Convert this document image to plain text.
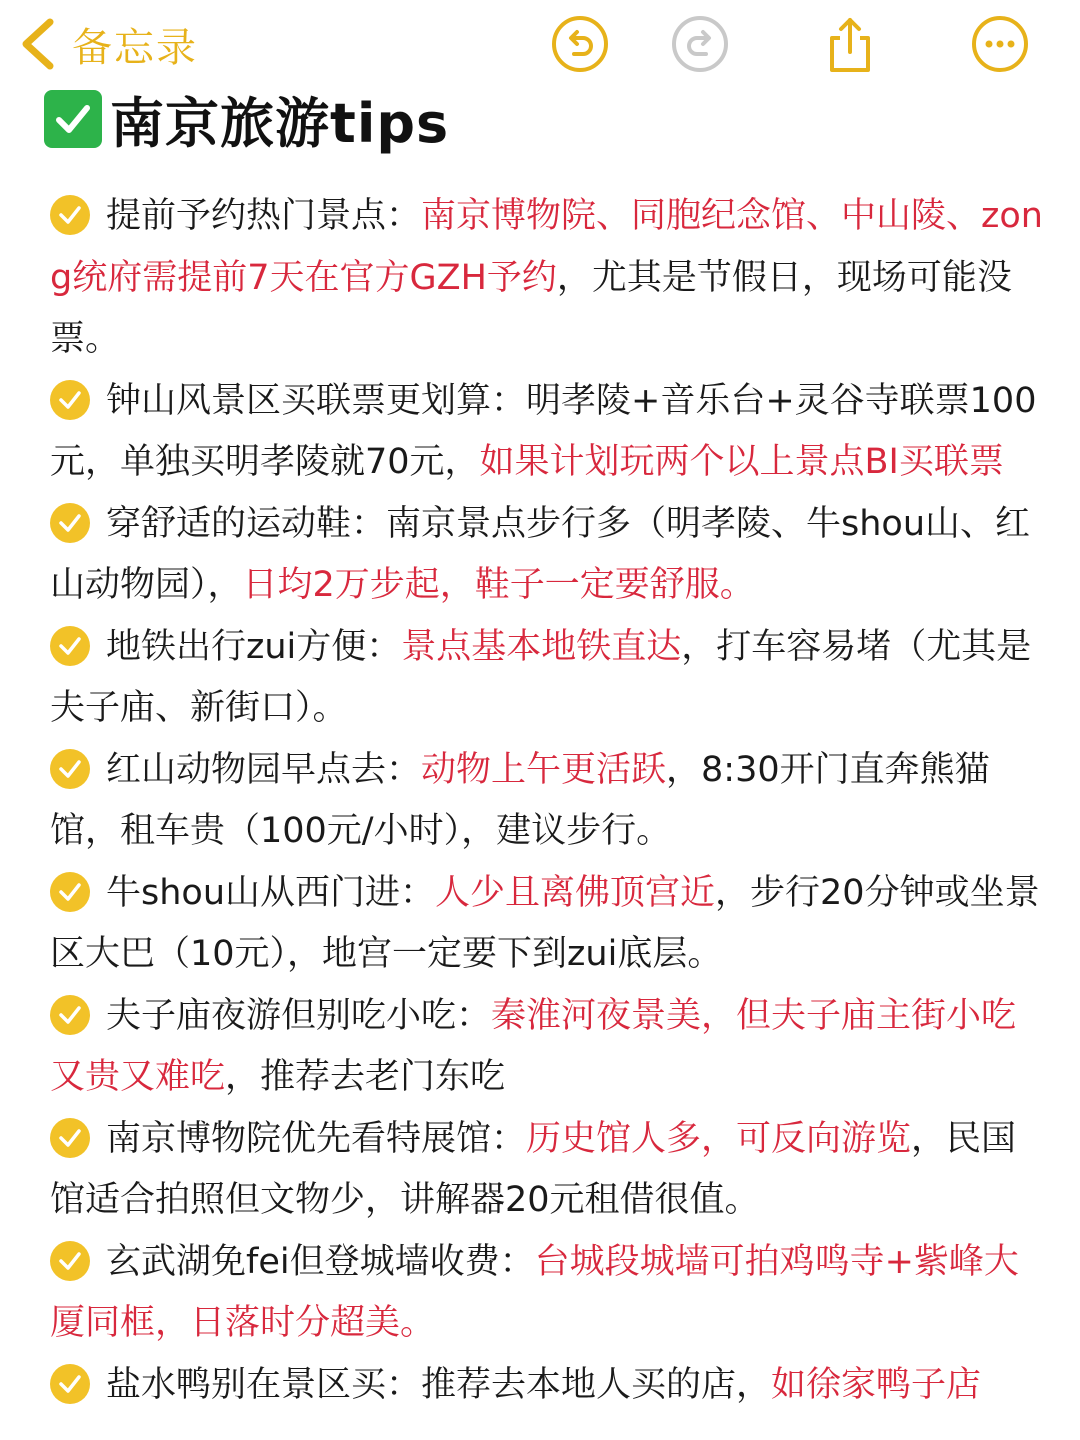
备忘录
南京旅游tips

提前予约热门景点：南京博物院、同胞纪念馆、中山陵、zong统府需提前7天在官方GZH予约，尤其是节假日，现场可能没票。

钟山风景区买联票更划算：明孝陵+音乐台+灵谷寺联票100元，单独买明孝陵就70元，如果计划玩两个以上景点BI买联票

穿舒适的运动鞋：南京景点步行多（明孝陵、牛shou山、红山动物园），日均2万步起，鞋子一定要舒服。

地铁出行zui方便：景点基本地铁直达，打车容易堵（尤其是夫子庙、新街口）。

红山动物园早点去：动物上午更活跃，8:30开门直奔熊猫馆，租车贵（100元/小时），建议步行。

牛shou山从西门进：人少且离佛顶宫近，步行20分钟或坐景区大巴（10元），地宫一定要下到zui底层。

夫子庙夜游但别吃小吃：秦淮河夜景美，但夫子庙主街小吃又贵又难吃，推荐去老门东吃

南京博物院优先看特展馆：历史馆人多，可反向游览，民国馆适合拍照但文物少，讲解器20元租借很值。

玄武湖免fei但登城墙收费：台城段城墙可拍鸡鸣寺+紫峰大厦同框，日落时分超美。

盐水鸭别在景区买：推荐去本地人买的店，如徐家鸭子店
